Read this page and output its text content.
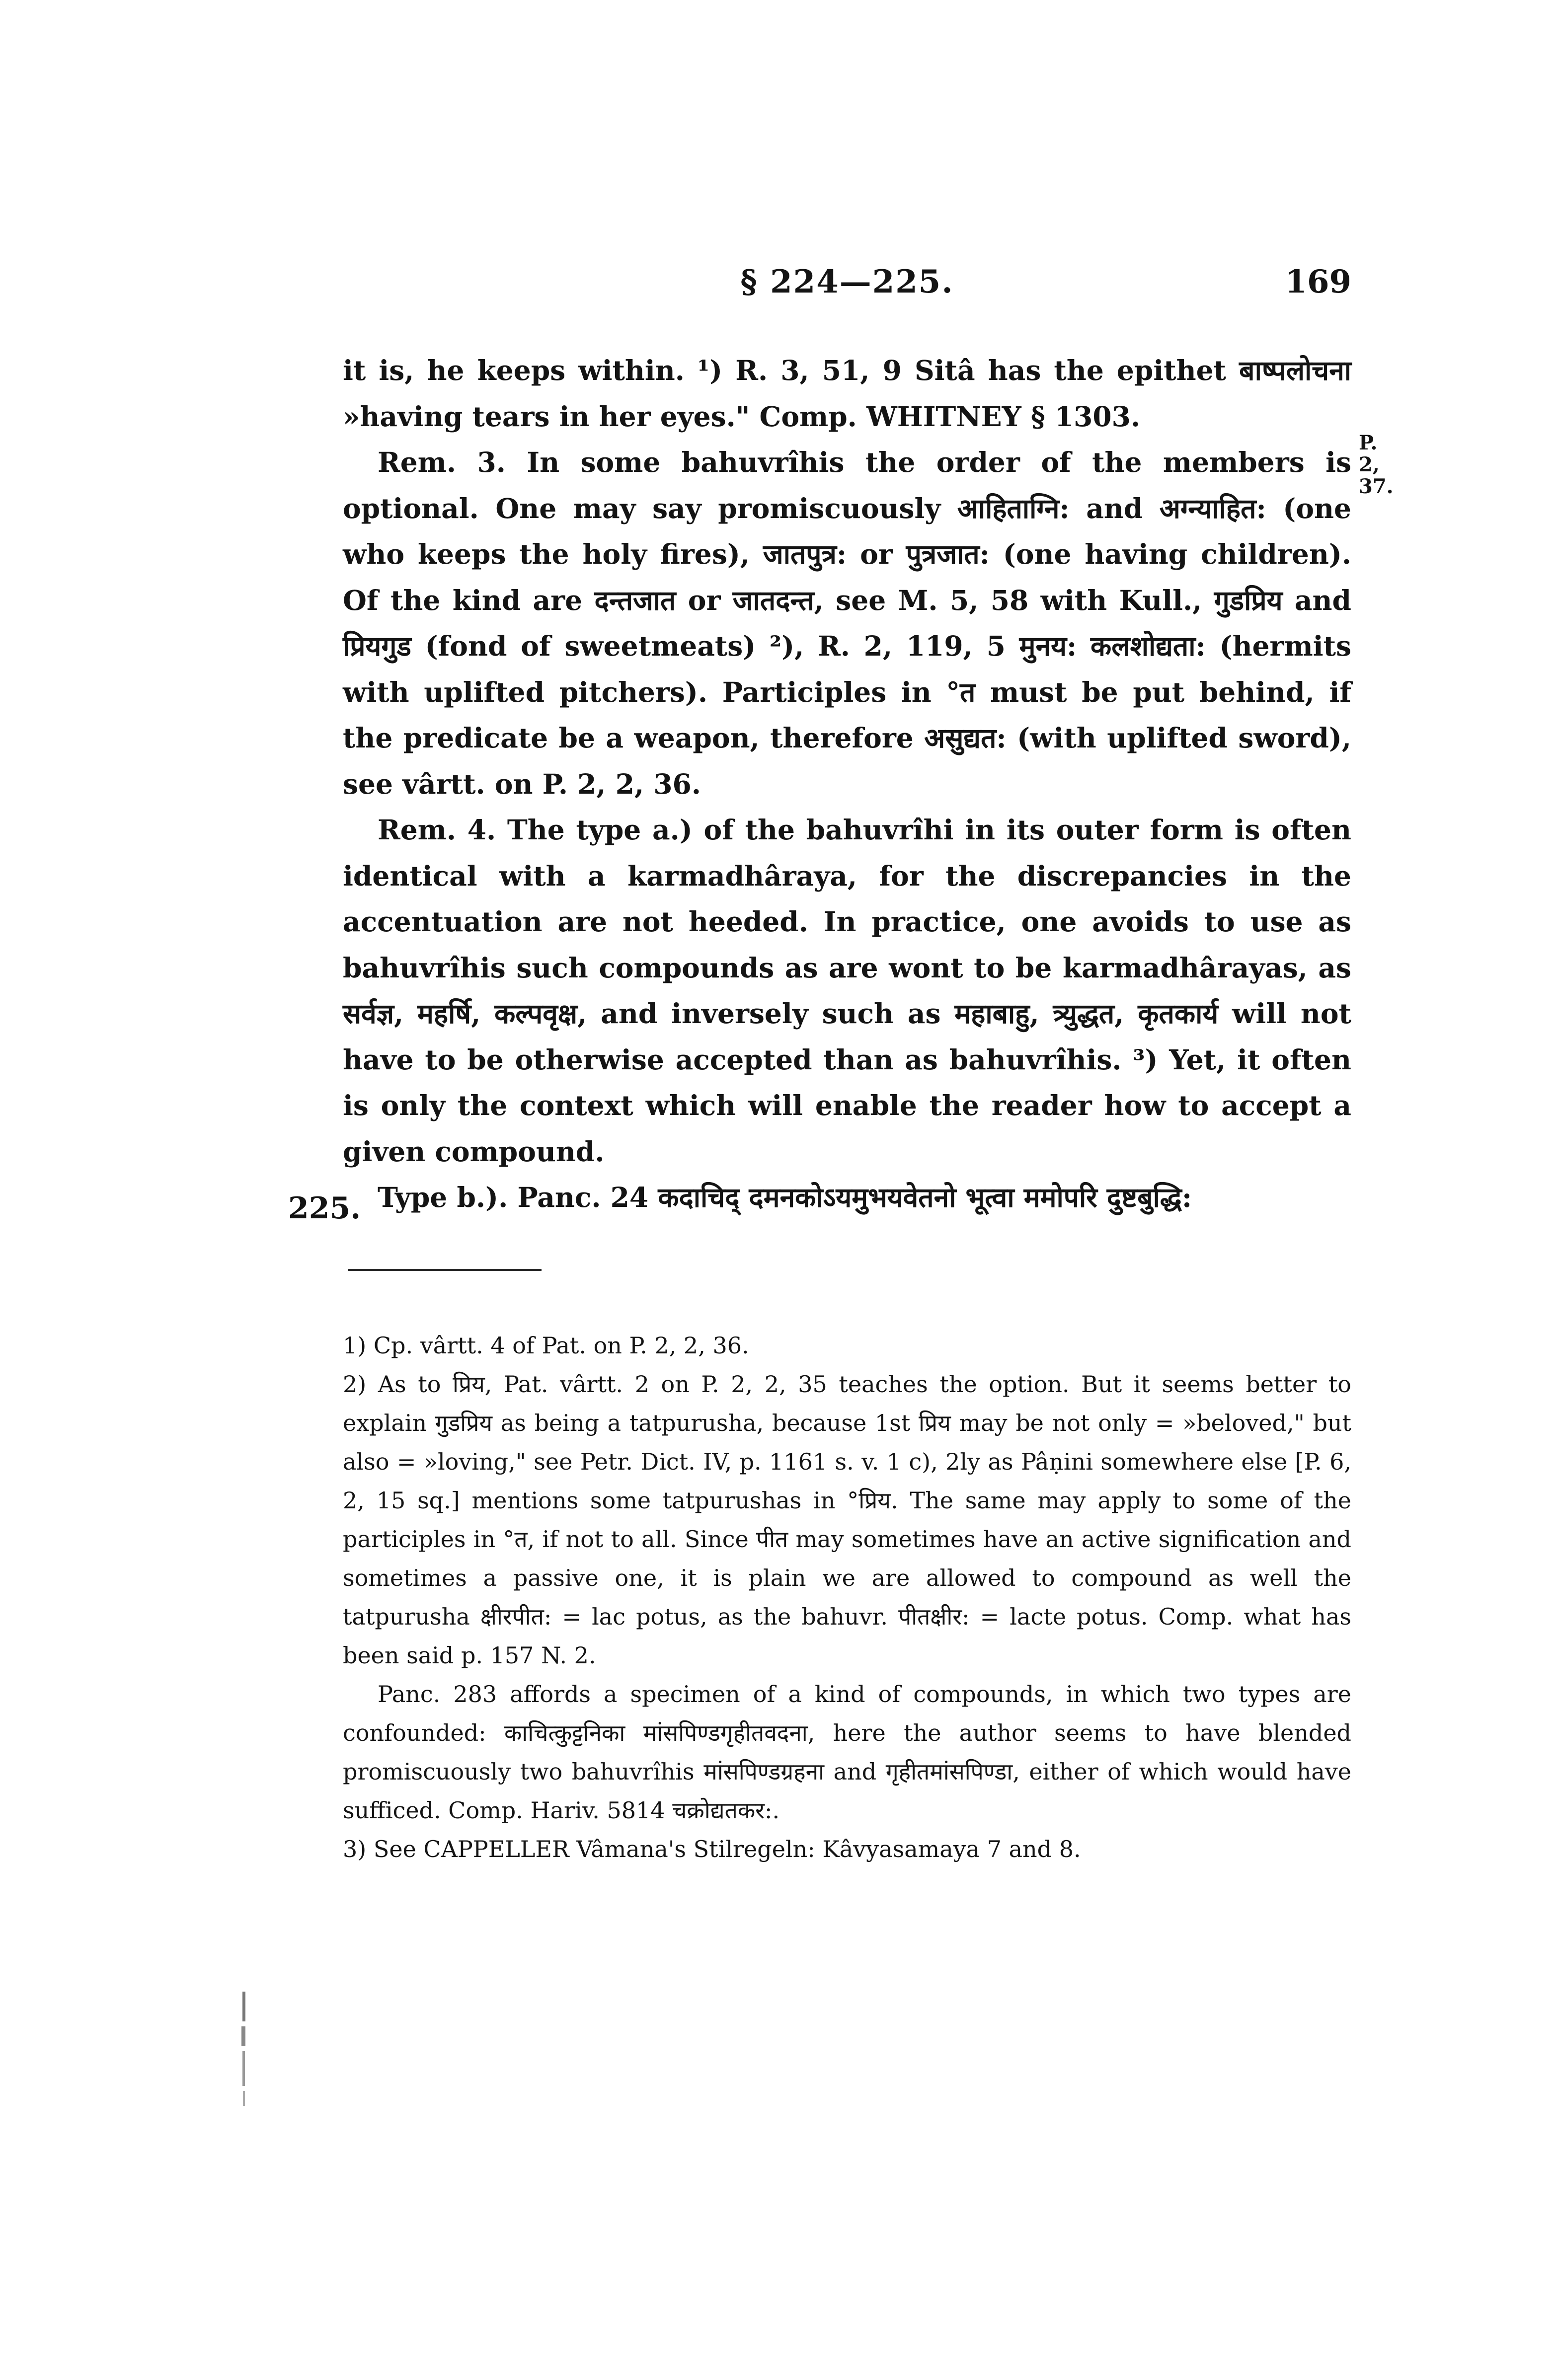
§ 224—225.	169
P. 2, 37.

it is, he keeps within. ¹) R. 3, 51, 9 Sitâ has the epithet बाष्पलोचना »having tears in her eyes." Comp. WHITNEY § 1303.

Rem. 3. In some bahuvrîhis the order of the members is optional. One may say promiscuously आहिताग्नि: and अग्न्याहित: (one who keeps the holy fires), जातपुत्र: or पुत्रजात: (one having children). Of the kind are दन्तजात or जातदन्त, see M. 5, 58 with Kull., गुडप्रिय and प्रियगुड (fond of sweetmeats) ²), R. 2, 119, 5 मुनय: कलशोद्यता: (hermits with uplifted pitchers). Participles in °त must be put behind, if the predicate be a weapon, therefore असुद्यत: (with uplifted sword), see vârtt. on P. 2, 2, 36.

Rem. 4. The type a.) of the bahuvrîhi in its outer form is often identical with a karmadhâraya, for the discrepancies in the accentuation are not heeded. In practice, one avoids to use as bahuvrîhis such compounds as are wont to be karmadhârayas, as सर्वज्ञ, महर्षि, कल्पवृक्ष, and inversely such as महाबाहु, त्र्युद्धत, कृतकार्य will not have to be otherwise accepted than as bahuvrîhis. ³) Yet, it often is only the context which will enable the reader how to accept a given compound.

Type b.). Panc. 24 कदाचिद् दमनकोऽयमुभयवेतनो भूत्वा ममोपरि दुष्टबुद्धि:

225.

1) Cp. vârtt. 4 of Pat. on P. 2, 2, 36.

2) As to प्रिय, Pat. vârtt. 2 on P. 2, 2, 35 teaches the option. But it seems better to explain गुडप्रिय as being a tatpurusha, because 1st प्रिय may be not only = »beloved," but also = »loving," see Petr. Dict. IV, p. 1161 s. v. 1 c), 2ly as Pâṇini somewhere else [P. 6, 2, 15 sq.] mentions some tatpurushas in °प्रिय. The same may apply to some of the participles in °त, if not to all. Since पीत may sometimes have an active signification and sometimes a passive one, it is plain we are allowed to compound as well the tatpurusha क्षीरपीत: = lac potus, as the bahuvr. पीतक्षीर: = lacte potus. Comp. what has been said p. 157 N. 2.

Panc. 283 affords a specimen of a kind of compounds, in which two types are confounded: काचित्कुट्टनिका मांसपिण्डगृहीतवदना, here the author seems to have blended promiscuously two bahuvrîhis मांसपिण्डग्रहना and गृहीतमांसपिण्डा, either of which would have sufficed. Comp. Hariv. 5814 चक्रोद्यतकर:.

3) See CAPPELLER Vâmana's Stilregeln: Kâvyasamaya 7 and 8.
